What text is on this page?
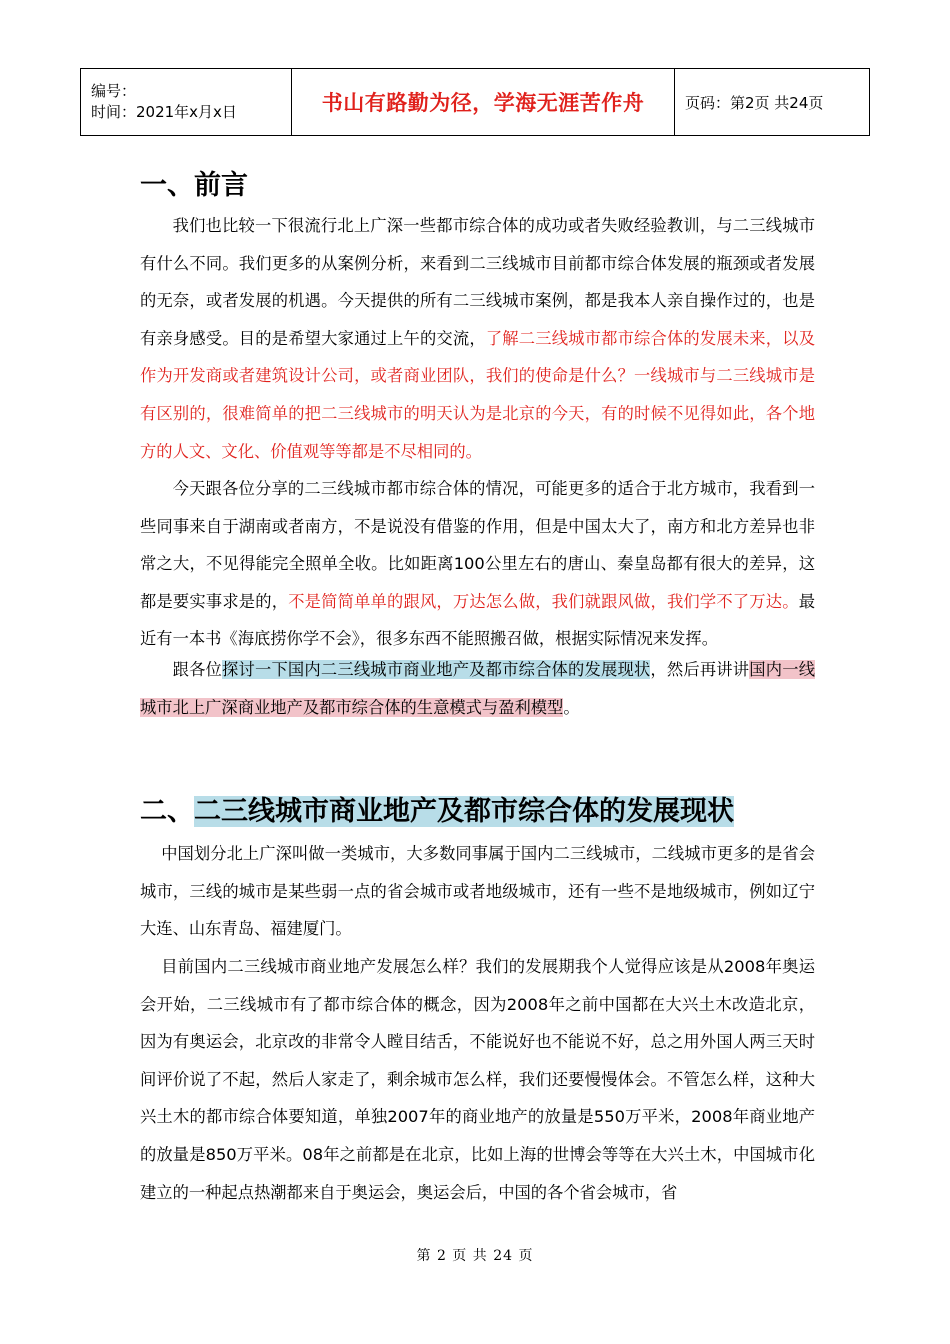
编号：
时间：2021年x月x日	书山有路勤为径，学海无涯苦作舟	页码：第2页 共24页
一、前言

我们也比较一下很流行北上广深一些都市综合体的成功或者失败经验教训，与二三线城市有什么不同。我们更多的从案例分析，来看到二三线城市目前都市综合体发展的瓶颈或者发展的无奈，或者发展的机遇。今天提供的所有二三线城市案例，都是我本人亲自操作过的，也是有亲身感受。目的是希望大家通过上午的交流，了解二三线城市都市综合体的发展未来，以及作为开发商或者建筑设计公司，或者商业团队，我们的使命是什么？一线城市与二三线城市是有区别的，很难简单的把二三线城市的明天认为是北京的今天，有的时候不见得如此，各个地方的人文、文化、价值观等等都是不尽相同的。

今天跟各位分享的二三线城市都市综合体的情况，可能更多的适合于北方城市，我看到一些同事来自于湖南或者南方，不是说没有借鉴的作用，但是中国太大了，南方和北方差异也非常之大，不见得能完全照单全收。比如距离100公里左右的唐山、秦皇岛都有很大的差异，这都是要实事求是的，不是简简单单的跟风，万达怎么做，我们就跟风做，我们学不了万达。最近有一本书《海底捞你学不会》，很多东西不能照搬召做，根据实际情况来发挥。

跟各位探讨一下国内二三线城市商业地产及都市综合体的发展现状，然后再讲讲国内一线城市北上广深商业地产及都市综合体的生意模式与盈利模型。

二、二三线城市商业地产及都市综合体的发展现状

中国划分北上广深叫做一类城市，大多数同事属于国内二三线城市，二线城市更多的是省会城市，三线的城市是某些弱一点的省会城市或者地级城市，还有一些不是地级城市，例如辽宁大连、山东青岛、福建厦门。

目前国内二三线城市商业地产发展怎么样？我们的发展期我个人觉得应该是从2008年奥运会开始，二三线城市有了都市综合体的概念，因为2008年之前中国都在大兴土木改造北京，因为有奥运会，北京改的非常令人瞠目结舌，不能说好也不能说不好，总之用外国人两三天时间评价说了不起，然后人家走了，剩余城市怎么样，我们还要慢慢体会。不管怎么样，这种大兴土木的都市综合体要知道，单独2007年的商业地产的放量是550万平米，2008年商业地产的放量是850万平米。08年之前都是在北京，比如上海的世博会等等在大兴土木，中国城市化建立的一种起点热潮都来自于奥运会，奥运会后，中国的各个省会城市，省

第 2 页 共 24 页
